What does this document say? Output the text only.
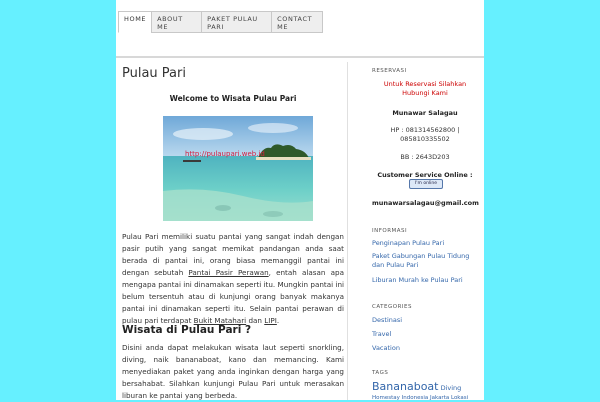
HOME	ABOUT ME
PAKET PULAU PARI
CONTACT ME
Pulau Pari

Welcome to Wisata Pulau Pari

http://pulaupari.web.id

Pulau Pari memiliki suatu pantai yang sangat indah dengan pasir putih yang sangat memikat pandangan anda saat berada di pantai ini, orang biasa memanggil pantai ini dengan sebutah Pantai Pasir Perawan, entah alasan apa mengapa pantai ini dinamakan seperti itu. Mungkin pantai ini belum tersentuh atau di kunjungi orang banyak makanya pantai ini dinamakan seperti itu. Selain pantai perawan di pulau pari terdapat Bukit Matahari dan LIPI.

Wisata di Pulau Pari ?

Disini anda dapat melakukan wisata laut seperti snorkling, diving, naik bananaboat, kano dan memancing. Kami menyediakan paket yang anda inginkan dengan harga yang bersahabat. Silahkan kunjungi Pulau Pari untuk merasakan liburan ke pantai yang berbeda.

RESERVASI
Untuk Reservasi Silahkan Hubungi Kami
Munawar Salagau
HP : 081314562800 | 085810335502
BB : 2643D203
Customer Service Online :
I'm online
munawarsalagau@gmail.com
INFORMASI
Penginapan Pulau Pari
Paket Gabungan Pulau Tidung dan Pulau Pari
Liburan Murah ke Pulau Pari
CATEGORIES
Destinasi
Travel
Vacation
TAGS
Bananaboat Diving
Homestay Indonesia Jakarta Lokasi
